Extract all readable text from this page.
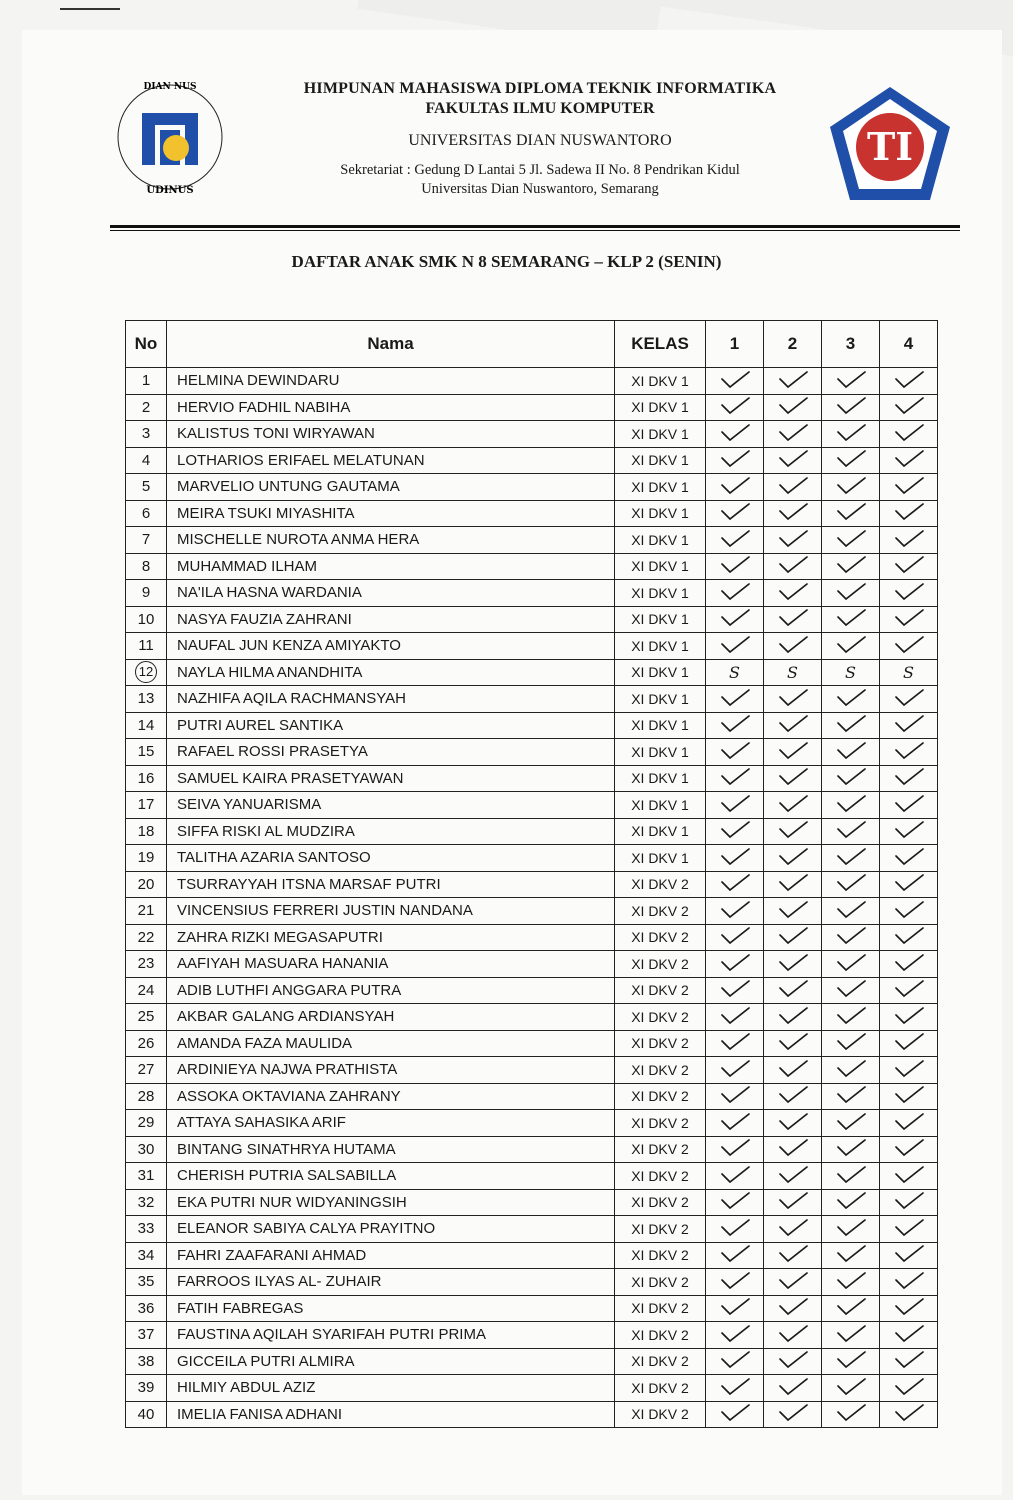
DIAN NUS
UDINUS
HIMPUNAN MAHASISWA DIPLOMA TEKNIK INFORMATIKA
FAKULTAS ILMU KOMPUTER
UNIVERSITAS DIAN NUSWANTORO
Sekretariat : Gedung D Lantai 5 Jl. Sadewa II No. 8 Pendrikan Kidul
Universitas Dian Nuswantoro, Semarang
TI
DAFTAR ANAK SMK N 8 SEMARANG – KLP 2 (SENIN)
No	Nama	KELAS	1	2	3	4
1	HELMINA DEWINDARU	XI DKV 1				
2	HERVIO FADHIL NABIHA	XI DKV 1				
3	KALISTUS TONI WIRYAWAN	XI DKV 1				
4	LOTHARIOS ERIFAEL MELATUNAN	XI DKV 1				
5	MARVELIO UNTUNG GAUTAMA	XI DKV 1				
6	MEIRA TSUKI MIYASHITA	XI DKV 1				
7	MISCHELLE NUROTA ANMA HERA	XI DKV 1				
8	MUHAMMAD ILHAM	XI DKV 1				
9	NA'ILA HASNA WARDANIA	XI DKV 1				
10	NASYA FAUZIA ZAHRANI	XI DKV 1				
11	NAUFAL JUN KENZA AMIYAKTO	XI DKV 1				
12	NAYLA HILMA ANANDHITA	XI DKV 1	S	S	S	S
13	NAZHIFA AQILA RACHMANSYAH	XI DKV 1				
14	PUTRI AUREL SANTIKA	XI DKV 1				
15	RAFAEL ROSSI PRASETYA	XI DKV 1				
16	SAMUEL KAIRA PRASETYAWAN	XI DKV 1				
17	SEIVA YANUARISMA	XI DKV 1				
18	SIFFA RISKI AL MUDZIRA	XI DKV 1				
19	TALITHA AZARIA SANTOSO	XI DKV 1				
20	TSURRAYYAH ITSNA MARSAF PUTRI	XI DKV 2				
21	VINCENSIUS FERRERI JUSTIN NANDANA	XI DKV 2				
22	ZAHRA RIZKI MEGASAPUTRI	XI DKV 2				
23	AAFIYAH MASUARA HANANIA	XI DKV 2				
24	ADIB LUTHFI ANGGARA PUTRA	XI DKV 2				
25	AKBAR GALANG ARDIANSYAH	XI DKV 2				
26	AMANDA FAZA MAULIDA	XI DKV 2				
27	ARDINIEYA NAJWA PRATHISTA	XI DKV 2				
28	ASSOKA OKTAVIANA ZAHRANY	XI DKV 2				
29	ATTAYA SAHASIKA ARIF	XI DKV 2				
30	BINTANG SINATHRYA HUTAMA	XI DKV 2				
31	CHERISH PUTRIA SALSABILLA	XI DKV 2				
32	EKA PUTRI NUR WIDYANINGSIH	XI DKV 2				
33	ELEANOR SABIYA CALYA PRAYITNO	XI DKV 2				
34	FAHRI ZAAFARANI AHMAD	XI DKV 2				
35	FARROOS ILYAS AL- ZUHAIR	XI DKV 2				
36	FATIH FABREGAS	XI DKV 2				
37	FAUSTINA AQILAH SYARIFAH PUTRI PRIMA	XI DKV 2				
38	GICCEILA PUTRI ALMIRA	XI DKV 2				
39	HILMIY ABDUL AZIZ	XI DKV 2				
40	IMELIA FANISA ADHANI	XI DKV 2				
